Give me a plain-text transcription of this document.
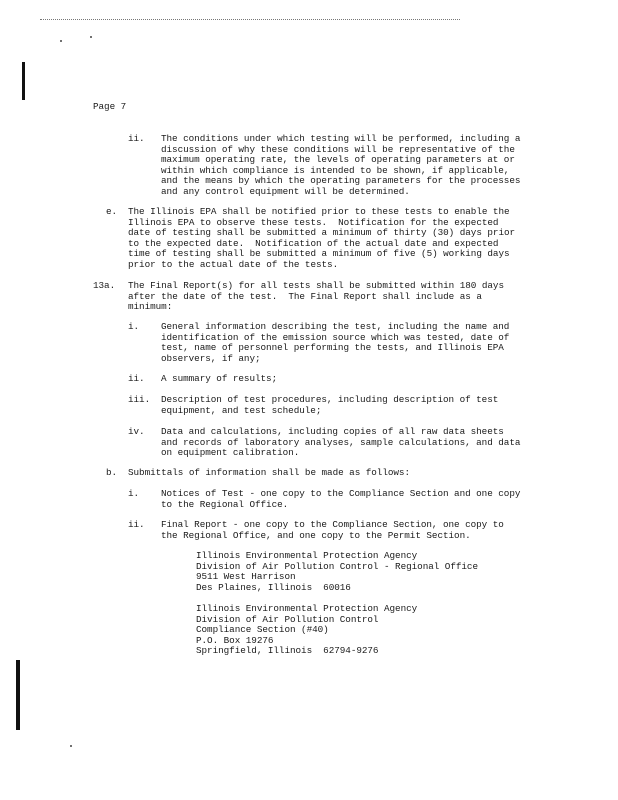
Page 7
ii. The conditions under which testing will be performed, including a
discussion of why these conditions will be representative of the
maximum operating rate, the levels of operating parameters at or
within which compliance is intended to be shown, if applicable,
and the means by which the operating parameters for the processes
and any control equipment will be determined.
e. The Illinois EPA shall be notified prior to these tests to enable the
Illinois EPA to observe these tests.  Notification for the expected
date of testing shall be submitted a minimum of thirty (30) days prior
to the expected date.  Notification of the actual date and expected
time of testing shall be submitted a minimum of five (5) working days
prior to the actual date of the tests.
13a. The Final Report(s) for all tests shall be submitted within 180 days
after the date of the test.  The Final Report shall include as a
minimum:
i. General information describing the test, including the name and
identification of the emission source which was tested, date of
test, name of personnel performing the tests, and Illinois EPA
observers, if any;
ii. A summary of results;
iii. Description of test procedures, including description of test
equipment, and test schedule;
iv. Data and calculations, including copies of all raw data sheets
and records of laboratory analyses, sample calculations, and data
on equipment calibration.
b. Submittals of information shall be made as follows:
i. Notices of Test - one copy to the Compliance Section and one copy
to the Regional Office.
ii. Final Report - one copy to the Compliance Section, one copy to
the Regional Office, and one copy to the Permit Section.
Illinois Environmental Protection Agency
Division of Air Pollution Control - Regional Office
9511 West Harrison
Des Plaines, Illinois  60016
Illinois Environmental Protection Agency
Division of Air Pollution Control
Compliance Section (#40)
P.O. Box 19276
Springfield, Illinois  62794-9276
